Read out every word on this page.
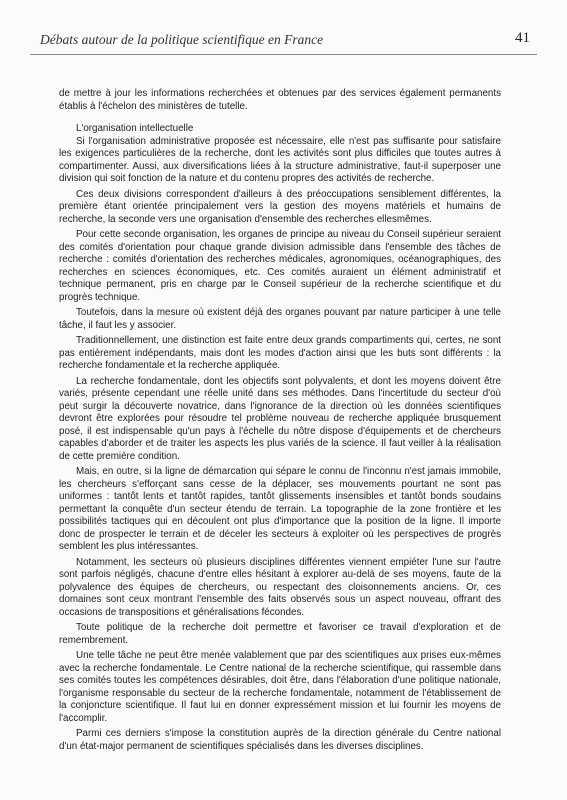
Débats autour de la politique scientifique en France	41

de mettre à jour les informations recherchées et obtenues par des services également permanents établis à l'échelon des ministères de tutelle.

L'organisation intellectuelle

Si l'organisation administrative proposée est nécessaire, elle n'est pas suffisante pour satisfaire les exigences particulières de la recherche, dont les activités sont plus difficiles que toutes autres à compartimenter. Aussi, aux diversifications liées à la structure administrative, faut-il superposer une division qui soit fonction de la nature et du contenu propres des activités de recherche.

Ces deux divisions correspondent d'ailleurs à des préoccupations sensiblement différentes, la première étant orientée principalement vers la gestion des moyens matériels et humains de recherche, la seconde vers une organisation d'ensemble des recherches ellesmêmes.

Pour cette seconde organisation, les organes de principe au niveau du Conseil supérieur seraient des comités d'orientation pour chaque grande division admissible dans l'ensemble des tâches de recherche : comités d'orientation des recherches médicales, agronomiques, océanographiques, des recherches en sciences économiques, etc. Ces comités auraient un élément administratif et technique permanent, pris en charge par le Conseil supérieur de la recherche scientifique et du progrès technique.

Toutefois, dans la mesure où existent déjà des organes pouvant par nature participer à une telle tâche, il faut les y associer.

Traditionnellement, une distinction est faite entre deux grands compartiments qui, certes, ne sont pas entièrement indépendants, mais dont les modes d'action ainsi que les buts sont différents : la recherche fondamentale et la recherche appliquée.

La recherche fondamentale, dont les objectifs sont polyvalents, et dont les moyens doivent être variés, présente cependant une réelle unité dans ses méthodes. Dans l'incertitude du secteur d'où peut surgir la découverte novatrice, dans l'ignorance de la direction où les données scientifiques devront être explorées pour résoudre tel problème nouveau de recherche appliquée brusquement posé, il est indispensable qu'un pays à l'échelle du nôtre dispose d'équipements et de chercheurs capables d'aborder et de traiter les aspects les plus variés de la science. Il faut veiller à la réalisation de cette première condition.

Mais, en outre, si la ligne de démarcation qui sépare le connu de l'inconnu n'est jamais immobile, les chercheurs s'efforçant sans cesse de la déplacer, ses mouvements pourtant ne sont pas uniformes : tantôt lents et tantôt rapides, tantôt glissements insensibles et tantôt bonds soudains permettant la conquête d'un secteur étendu de terrain. La topographie de la zone frontière et les possibilités tactiques qui en découlent ont plus d'importance que la position de la ligne. Il importe donc de prospecter le terrain et de déceler les secteurs à exploiter où les perspectives de progrès semblent les plus intéressantes.

Notamment, les secteurs où plusieurs disciplines différentes viennent empiéter l'une sur l'autre sont parfois négligés, chacune d'entre elles hésitant à explorer au-delà de ses moyens, faute de la polyvalence des équipes de chercheurs, ou respectant des cloisonnements anciens. Or, ces domaines sont ceux montrant l'ensemble des faits observés sous un aspect nouveau, offrant des occasions de transpositions et généralisations fécondes.

Toute politique de la recherche doit permettre et favoriser ce travail d'exploration et de remembrement.

Une telle tâche ne peut être menée valablement que par des scientifiques aux prises eux-mêmes avec la recherche fondamentale. Le Centre national de la recherche scientifique, qui rassemble dans ses comités toutes les compétences désirables, doit être, dans l'élaboration d'une politique nationale, l'organisme responsable du secteur de la recherche fondamentale, notamment de l'établissement de la conjoncture scientifique. Il faut lui en donner expressément mission et lui fournir les moyens de l'accomplir.

Parmi ces derniers s'impose la constitution auprès de la direction générale du Centre national d'un état-major permanent de scientifiques spécialisés dans les diverses disciplines.
